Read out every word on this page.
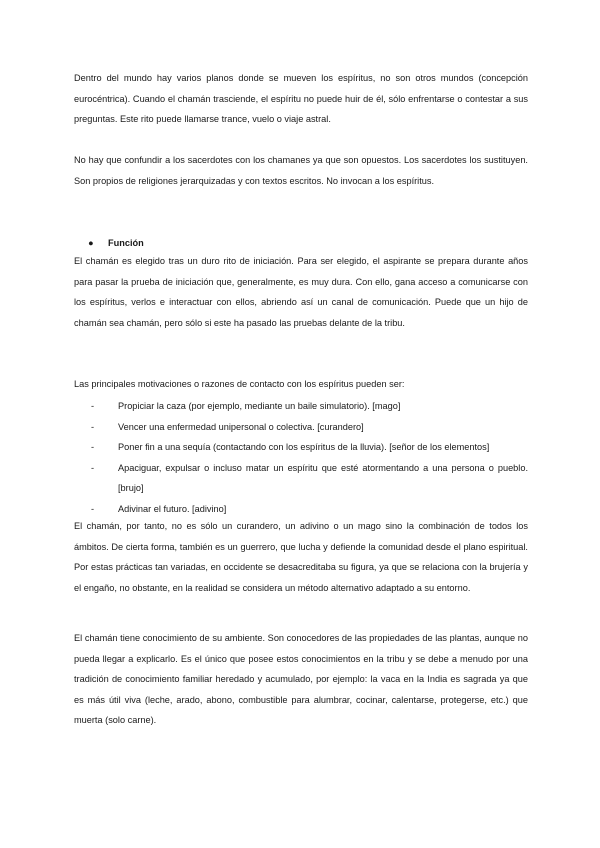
Dentro del mundo hay varios planos donde se mueven los espíritus, no son otros mundos (concepción eurocéntrica). Cuando el chamán trasciende, el espíritu no puede huir de él, sólo enfrentarse o contestar a sus preguntas. Este rito puede llamarse trance, vuelo o viaje astral.

No hay que confundir a los sacerdotes con los chamanes ya que son opuestos. Los sacerdotes los sustituyen. Son propios de religiones jerarquizadas y con textos escritos. No invocan a los espíritus.

● Función

El chamán es elegido tras un duro rito de iniciación. Para ser elegido, el aspirante se prepara durante años para pasar la prueba de iniciación que, generalmente, es muy dura. Con ello, gana acceso a comunicarse con los espíritus, verlos e interactuar con ellos, abriendo así un canal de comunicación. Puede que un hijo de chamán sea chamán, pero sólo si este ha pasado las pruebas delante de la tribu.

Las principales motivaciones o razones de contacto con los espíritus pueden ser:

-	Propiciar la caza (por ejemplo, mediante un baile simulatorio). [mago]
-	Vencer una enfermedad unipersonal o colectiva. [curandero]
-	Poner fin a una sequía (contactando con los espíritus de la lluvia). [señor de los elementos]
-	Apaciguar, expulsar o incluso matar un espíritu que esté atormentando a una persona o pueblo. [brujo]
-	Adivinar el futuro. [adivino]

El chamán, por tanto, no es sólo un curandero, un adivino o un mago sino la combinación de todos los ámbitos. De cierta forma, también es un guerrero, que lucha y defiende la comunidad desde el plano espiritual. Por estas prácticas tan variadas, en occidente se desacreditaba su figura, ya que se relaciona con la brujería y el engaño, no obstante, en la realidad se considera un método alternativo adaptado a su entorno.

El chamán tiene conocimiento de su ambiente. Son conocedores de las propiedades de las plantas, aunque no pueda llegar a explicarlo. Es el único que posee estos conocimientos en la tribu y se debe a menudo por una tradición de conocimiento familiar heredado y acumulado, por ejemplo: la vaca en la India es sagrada ya que es más útil viva (leche, arado, abono, combustible para alumbrar, cocinar, calentarse, protegerse, etc.) que muerta (solo carne).
